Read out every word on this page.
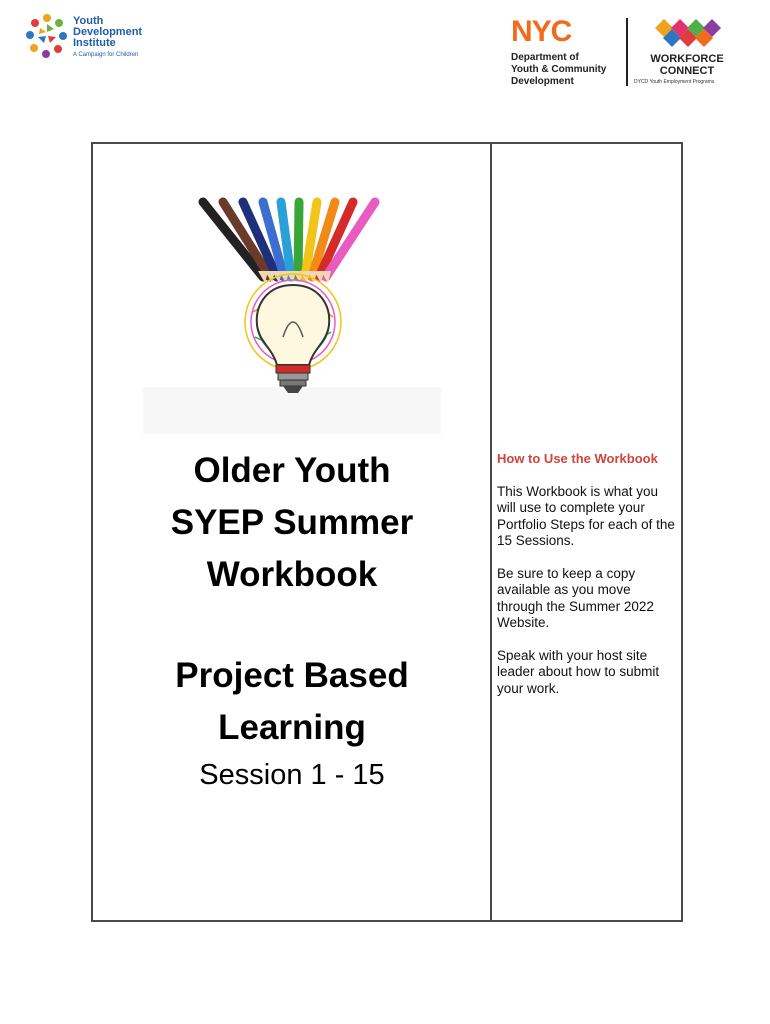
Youth
Development
Institute
A Campaign for Children
NYC
Department of
Youth & Community
Development
WORKFORCE
CONNECT
DYCD Youth Employment Programs
Older Youth
SYEP Summer
Workbook
Project Based
Learning
Session 1 - 15
How to Use the Workbook

This Workbook is what you will use to complete your Portfolio Steps for each of the 15 Sessions.

Be sure to keep a copy available as you move through the Summer 2022 Website.

Speak with your host site leader about how to submit your work.
